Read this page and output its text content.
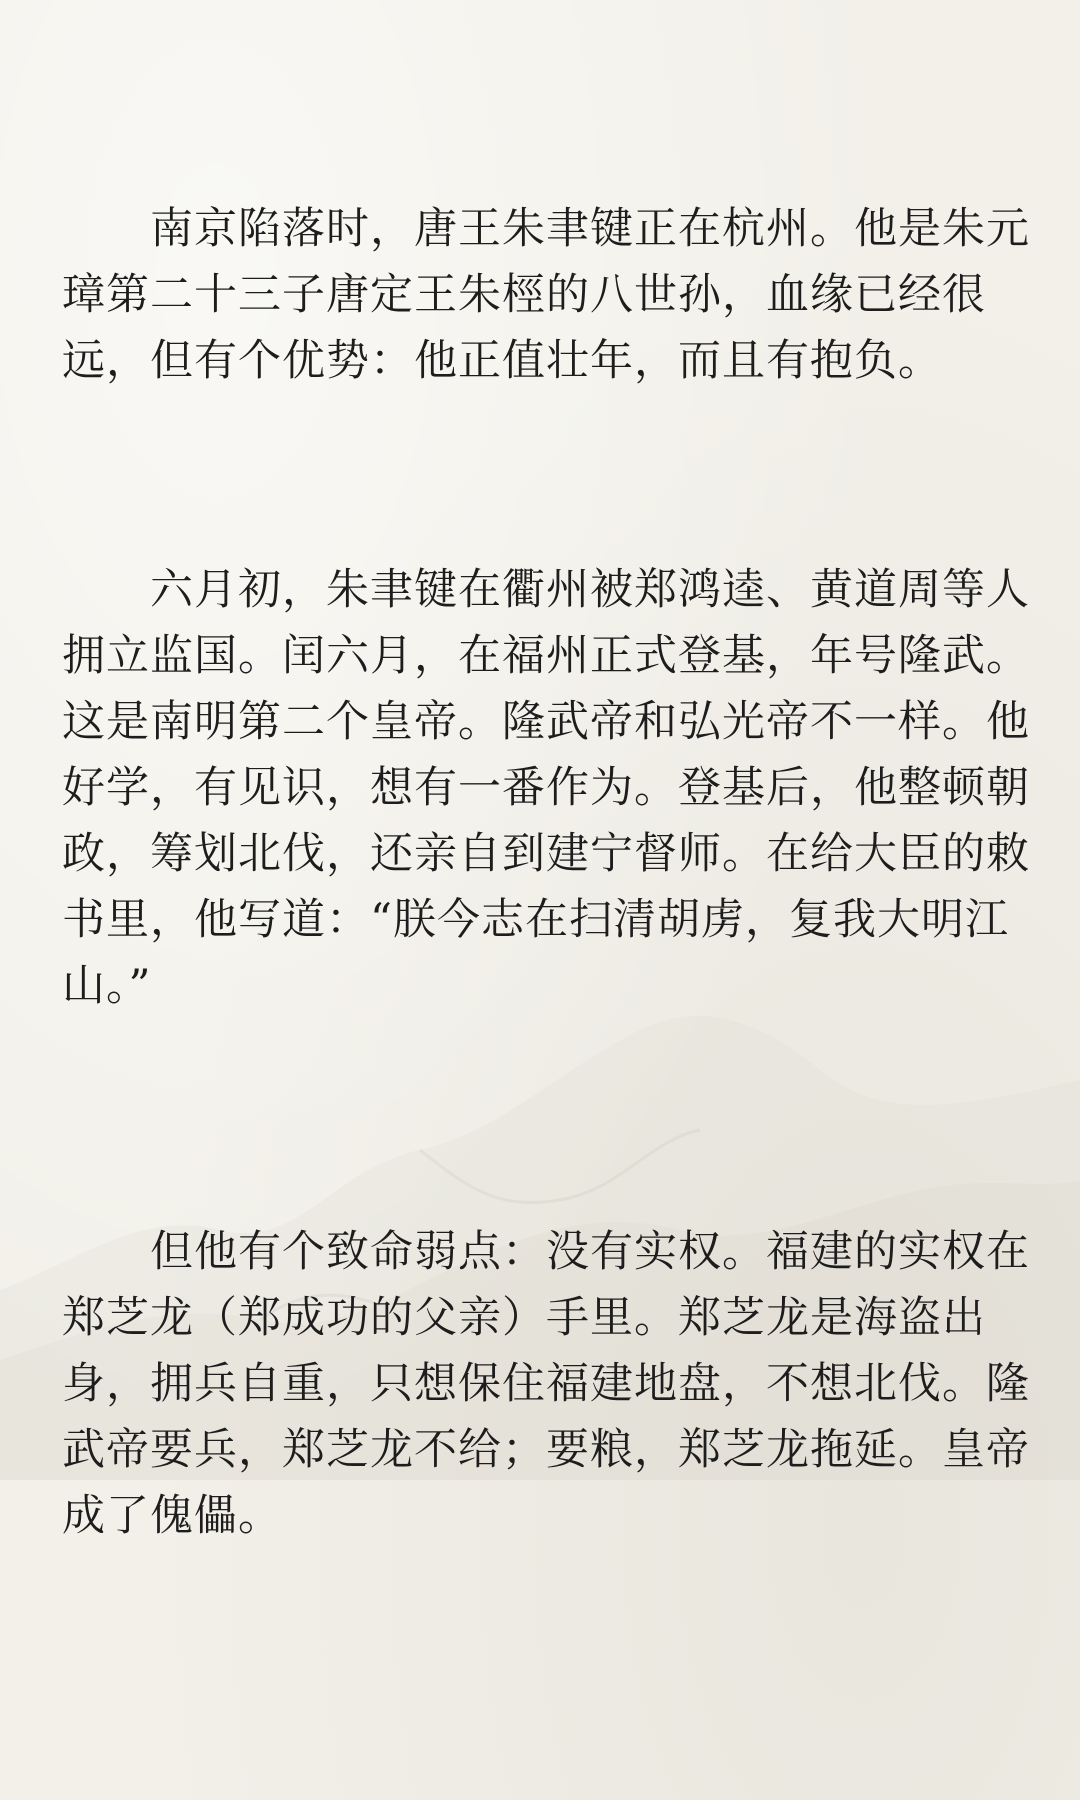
南京陷落时，唐王朱聿键正在杭州。他是朱元
璋第二十三子唐定王朱桱的八世孙，血缘已经很
远，但有个优势：他正值壮年，而且有抱负。
六月初，朱聿键在衢州被郑鸿逵、黄道周等人
拥立监国。闰六月，在福州正式登基，年号隆武。
这是南明第二个皇帝。隆武帝和弘光帝不一样。他
好学，有见识，想有一番作为。登基后，他整顿朝
政，筹划北伐，还亲自到建宁督师。在给大臣的敕
书里，他写道：“朕今志在扫清胡虏，复我大明江
山。”
但他有个致命弱点：没有实权。福建的实权在
郑芝龙（郑成功的父亲）手里。郑芝龙是海盗出
身，拥兵自重，只想保住福建地盘，不想北伐。隆
武帝要兵，郑芝龙不给；要粮，郑芝龙拖延。皇帝
成了傀儡。
